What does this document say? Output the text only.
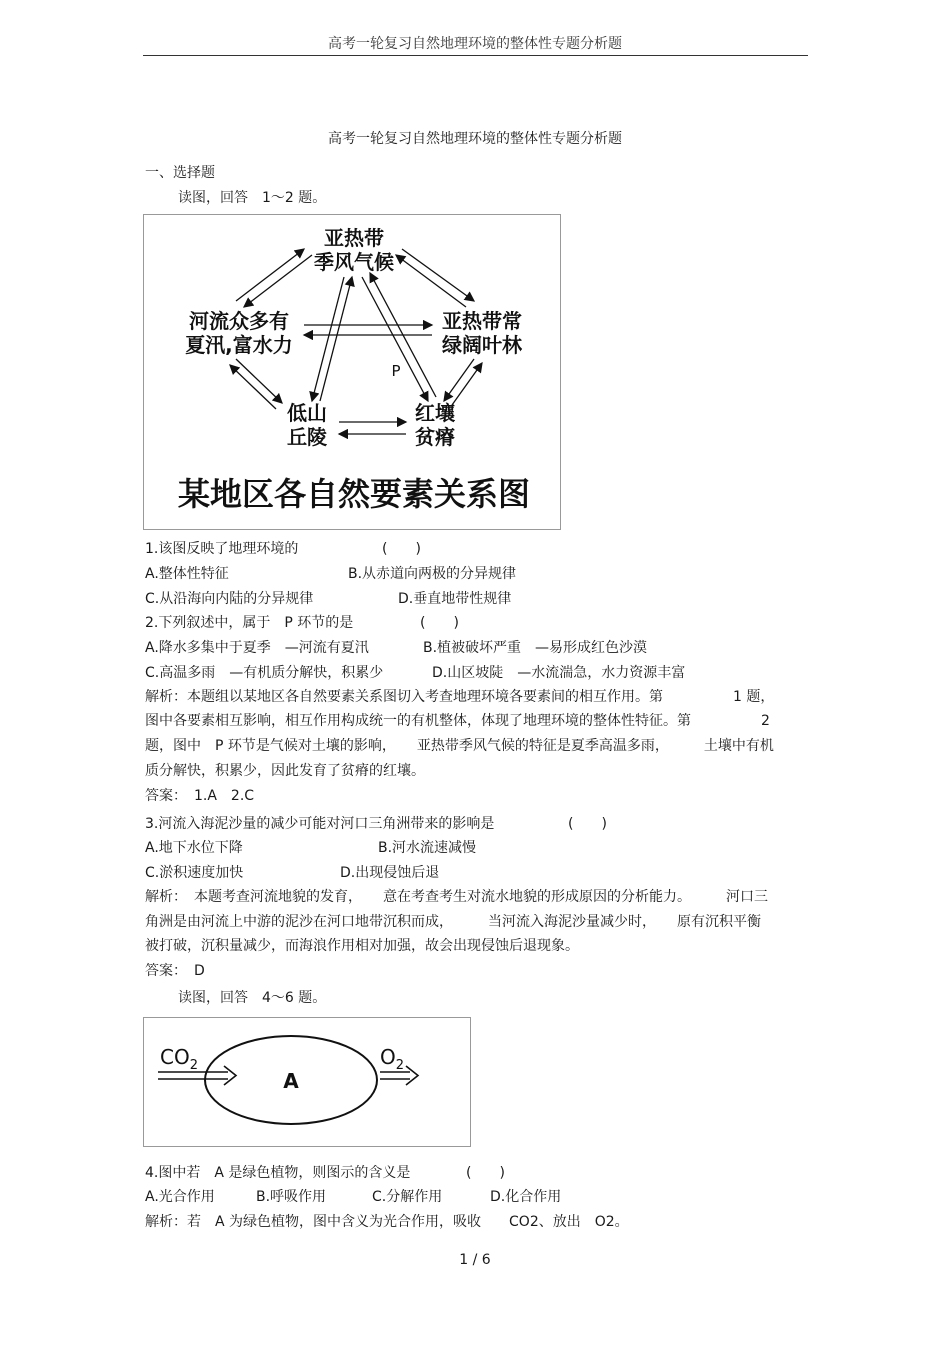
高考一轮复习自然地理环境的整体性专题分析题
高考一轮复习自然地理环境的整体性专题分析题
一、选择题
读图，回答　1～2 题。
亚热带
季风气候
河流众多有
夏汛,富水力
亚热带常
绿阔叶林
低山
丘陵
红壤
贫瘠
P
某地区各自然要素关系图
1.该图反映了地理环境的	(　　)
A.整体性特征	B.从赤道向两极的分异规律
C.从沿海向内陆的分异规律	D.垂直地带性规律
2.下列叙述中，属于　P 环节的是	(　　)
A.降水多集中于夏季　—河流有夏汛	B.植被破坏严重　—易形成红色沙漠
C.高温多雨　—有机质分解快，积累少	D.山区坡陡　—水流湍急，水力资源丰富
解析：本题组以某地区各自然要素关系图切入考查地理环境各要素间的相互作用。第　　　　　1 题，
图中各要素相互影响，相互作用构成统一的有机整体，体现了地理环境的整体性特征。第　　　　　2
题，图中　P 环节是气候对土壤的影响，　　亚热带季风气候的特征是夏季高温多雨，　　　土壤中有机
质分解快，积累少，因此发育了贫瘠的红壤。
答案：　1.A　2.C
3.河流入海泥沙量的减少可能对河口三角洲带来的影响是	(　　)
A.地下水位下降	B.河水流速减慢
C.淤积速度加快	D.出现侵蚀后退
解析：　本题考查河流地貌的发育，　　意在考查考生对流水地貌的形成原因的分析能力。　　　河口三
角洲是由河流上中游的泥沙在河口地带沉积而成，　　　当河流入海泥沙量减少时，　　原有沉积平衡
被打破，沉积量减少，而海浪作用相对加强，故会出现侵蚀后退现象。
答案：　D
读图，回答　4～6 题。
$CO_2$	$O_2$
A
4.图中若　A 是绿色植物，则图示的含义是	(　　)
A.光合作用	B.呼吸作用	C.分解作用	D.化合作用
解析：若　A 为绿色植物，图中含义为光合作用，吸收　　CO2、放出　O2。
1 / 6
